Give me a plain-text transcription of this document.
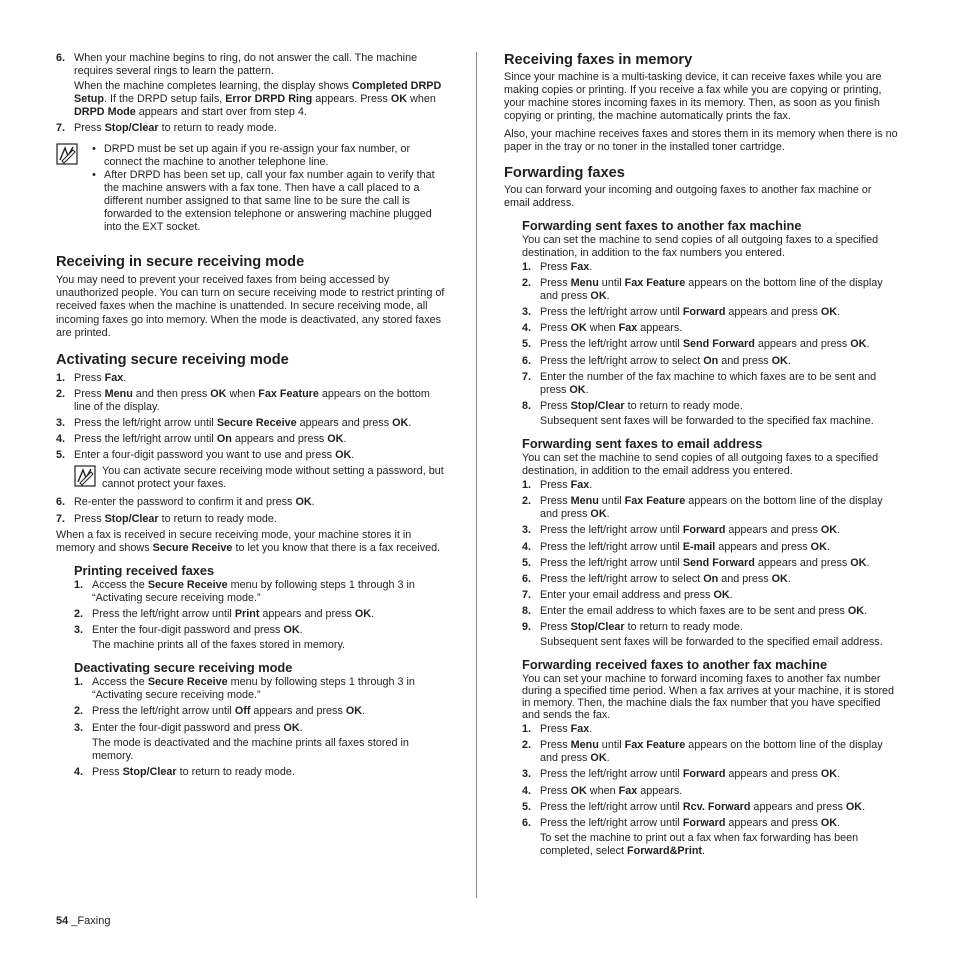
6. When your machine begins to ring, do not answer the call. The machine requires several rings to learn the pattern.
When the machine completes learning, the display shows Completed DRPD Setup. If the DRPD setup fails, Error DRPD Ring appears. Press OK when DRPD Mode appears and start over from step 4.
7. Press Stop/Clear to return to ready mode.
• DRPD must be set up again if you re-assign your fax number, or connect the machine to another telephone line.
• After DRPD has been set up, call your fax number again to verify that the machine answers with a fax tone. Then have a call placed to a different number assigned to that same line to be sure the call is forwarded to the extension telephone or answering machine plugged into the EXT socket.
Receiving in secure receiving mode

You may need to prevent your received faxes from being accessed by unauthorized people. You can turn on secure receiving mode to restrict printing of received faxes when the machine is unattended. In secure receiving mode, all incoming faxes go into memory. When the mode is deactivated, any stored faxes are printed.

Activating secure receiving mode
1. Press Fax.
2. Press Menu and then press OK when Fax Feature appears on the bottom line of the display.
3. Press the left/right arrow until Secure Receive appears and press OK.
4. Press the left/right arrow until On appears and press OK.
5. Enter a four-digit password you want to use and press OK.

You can activate secure receiving mode without setting a password, but cannot protect your faxes.

6. Re-enter the password to confirm it and press OK.
7. Press Stop/Clear to return to ready mode.

When a fax is received in secure receiving mode, your machine stores it in memory and shows Secure Receive to let you know that there is a fax received.

Printing received faxes
1. Access the Secure Receive menu by following steps 1 through 3 in “Activating secure receiving mode.”
2. Press the left/right arrow until Print appears and press OK.
3. Enter the four-digit password and press OK.
The machine prints all of the faxes stored in memory.
Deactivating secure receiving mode
1. Access the Secure Receive menu by following steps 1 through 3 in “Activating secure receiving mode.”
2. Press the left/right arrow until Off appears and press OK.
3. Enter the four-digit password and press OK.
The mode is deactivated and the machine prints all faxes stored in memory.
4. Press Stop/Clear to return to ready mode.
Receiving faxes in memory

Since your machine is a multi-tasking device, it can receive faxes while you are making copies or printing. If you receive a fax while you are copying or printing, your machine stores incoming faxes in its memory. Then, as soon as you finish copying or printing, the machine automatically prints the fax.

Also, your machine receives faxes and stores them in its memory when there is no paper in the tray or no toner in the installed toner cartridge.

Forwarding faxes

You can forward your incoming and outgoing faxes to another fax machine or email address.

Forwarding sent faxes to another fax machine

You can set the machine to send copies of all outgoing faxes to a specified destination, in addition to the fax numbers you entered.

1. Press Fax.
2. Press Menu until Fax Feature appears on the bottom line of the display and press OK.
3. Press the left/right arrow until Forward appears and press OK.
4. Press OK when Fax appears.
5. Press the left/right arrow until Send Forward appears and press OK.
6. Press the left/right arrow to select On and press OK.
7. Enter the number of the fax machine to which faxes are to be sent and press OK.
8. Press Stop/Clear to return to ready mode.
Subsequent sent faxes will be forwarded to the specified fax machine.
Forwarding sent faxes to email address

You can set the machine to send copies of all outgoing faxes to a specified destination, in addition to the email address you entered.

1. Press Fax.
2. Press Menu until Fax Feature appears on the bottom line of the display and press OK.
3. Press the left/right arrow until Forward appears and press OK.
4. Press the left/right arrow until E-mail appears and press OK.
5. Press the left/right arrow until Send Forward appears and press OK.
6. Press the left/right arrow to select On and press OK.
7. Enter your email address and press OK.
8. Enter the email address to which faxes are to be sent and press OK.
9. Press Stop/Clear to return to ready mode.
Subsequent sent faxes will be forwarded to the specified email address.
Forwarding received faxes to another fax machine

You can set your machine to forward incoming faxes to another fax number during a specified time period. When a fax arrives at your machine, it is stored in memory. Then, the machine dials the fax number that you have specified and sends the fax.

1. Press Fax.
2. Press Menu until Fax Feature appears on the bottom line of the display and press OK.
3. Press the left/right arrow until Forward appears and press OK.
4. Press OK when Fax appears.
5. Press the left/right arrow until Rcv. Forward appears and press OK.
6. Press the left/right arrow until Forward appears and press OK.
To set the machine to print out a fax when fax forwarding has been completed, select Forward&Print.
54 _Faxing
